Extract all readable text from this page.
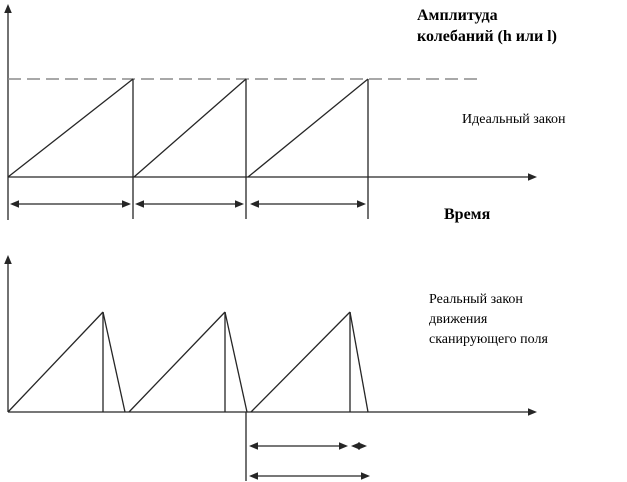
Амплитуда
колебаний (h или l)
Идеальный закон
Время
Реальный закон
движения
сканирующего поля
